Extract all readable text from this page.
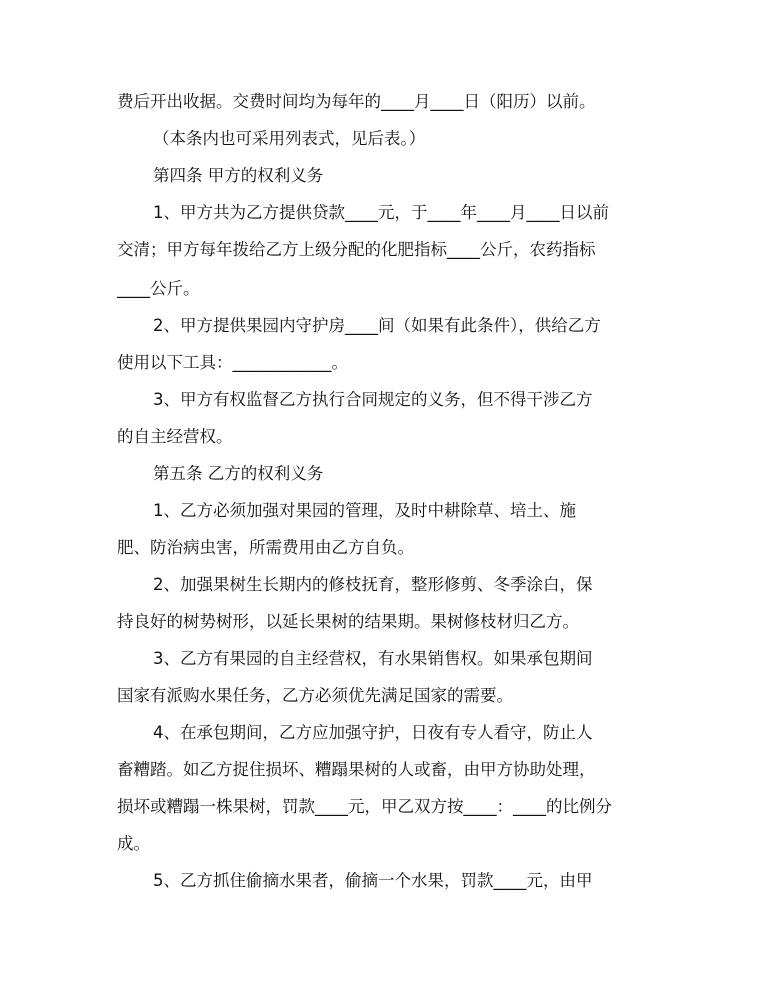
费后开出收据。交费时间均为每年的____月____日（阳历）以前。
（本条内也可采用列表式，见后表。）
第四条 甲方的权利义务
1、甲方共为乙方提供贷款____元，于____年____月____日以前
交清；甲方每年拨给乙方上级分配的化肥指标____公斤，农药指标
____公斤。
2、甲方提供果园内守护房____间（如果有此条件），供给乙方
使用以下工具：____________。
3、甲方有权监督乙方执行合同规定的义务，但不得干涉乙方
的自主经营权。
第五条 乙方的权利义务
1、乙方必须加强对果园的管理，及时中耕除草、培土、施
肥、防治病虫害，所需费用由乙方自负。
2、加强果树生长期内的修枝抚育，整形修剪、冬季涂白，保
持良好的树势树形，以延长果树的结果期。果树修枝材归乙方。
3、乙方有果园的自主经营权，有水果销售权。如果承包期间
国家有派购水果任务，乙方必须优先满足国家的需要。
4、在承包期间，乙方应加强守护，日夜有专人看守，防止人
畜糟踏。如乙方捉住损坏、糟蹋果树的人或畜，由甲方协助处理，
损坏或糟蹋一株果树，罚款____元，甲乙双方按____：____的比例分
成。
5、乙方抓住偷摘水果者，偷摘一个水果，罚款____元，由甲
